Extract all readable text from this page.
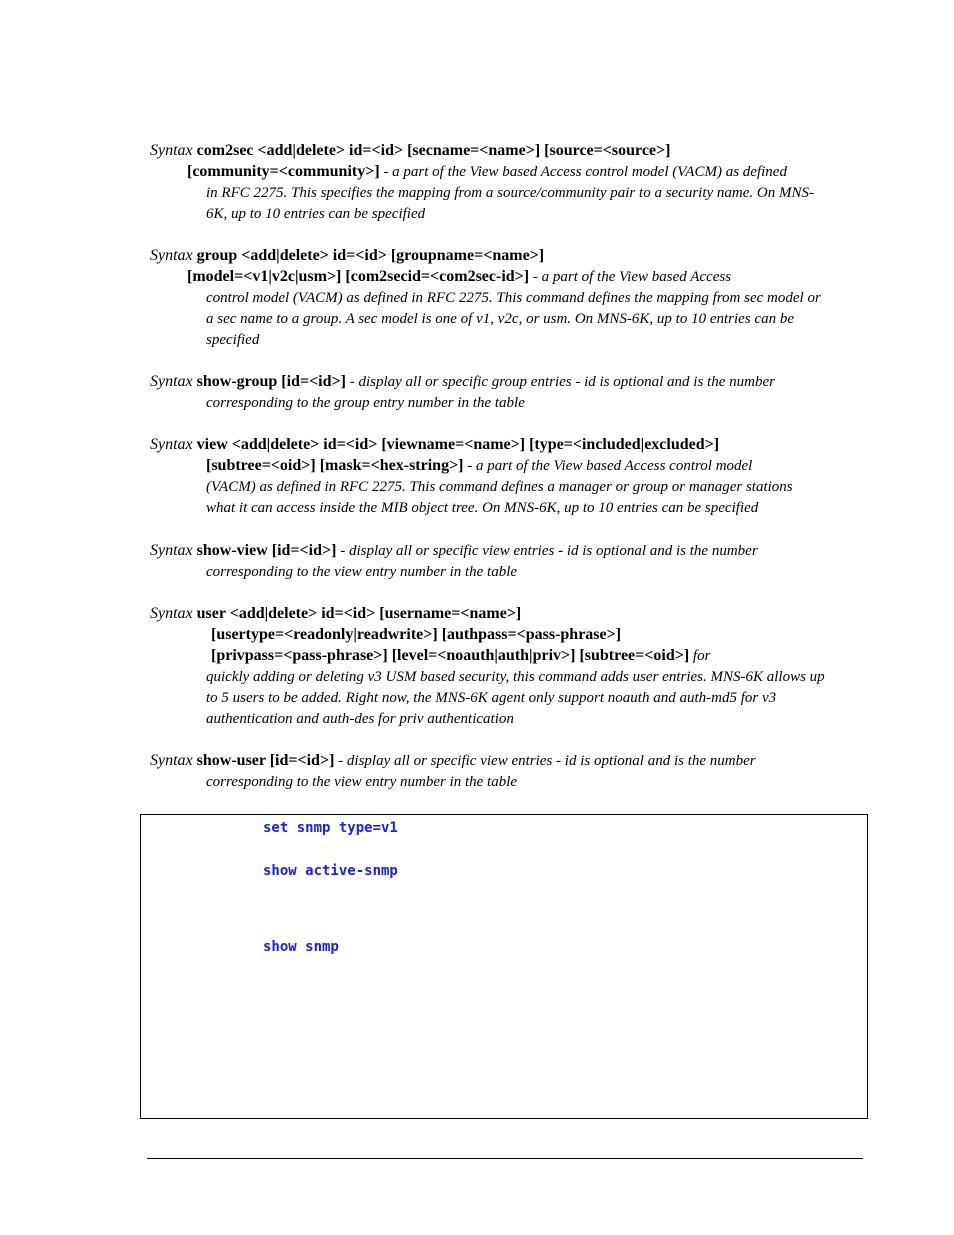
Syntax com2sec <add|delete> id=<id> [secname=<name>] [source=<source>]
[community=<community>] - a part of the View based Access control model (VACM) as defined
in RFC 2275. This specifies the mapping from a source/community pair to a security name. On MNS-
6K, up to 10 entries can be specified
Syntax group <add|delete> id=<id> [groupname=<name>]
[model=<v1|v2c|usm>] [com2secid=<com2sec-id>] - a part of the View based Access
control model (VACM) as defined in RFC 2275. This command defines the mapping from sec model or
a sec name to a group. A sec model is one of v1, v2c, or usm. On MNS-6K, up to 10 entries can be
specified
Syntax show-group [id=<id>] - display all or specific group entries - id is optional and is the number
corresponding to the group entry number in the table
Syntax view <add|delete> id=<id> [viewname=<name>] [type=<included|excluded>]
[subtree=<oid>] [mask=<hex-string>] - a part of the View based Access control model
(VACM) as defined in RFC 2275. This command defines a manager or group or manager stations
what it can access inside the MIB object tree. On MNS-6K, up to 10 entries can be specified
Syntax show-view [id=<id>] - display all or specific view entries - id is optional and is the number
corresponding to the view entry number in the table
Syntax user <add|delete> id=<id> [username=<name>]
[usertype=<readonly|readwrite>] [authpass=<pass-phrase>]
[privpass=<pass-phrase>] [level=<noauth|auth|priv>] [subtree=<oid>] for
quickly adding or deleting v3 USM based security, this command adds user entries. MNS-6K allows up
to 5 users to be added. Right now, the MNS-6K agent only support noauth and auth-md5 for v3
authentication and auth-des for priv authentication
Syntax show-user [id=<id>] - display all or specific view entries - id is optional and is the number
corresponding to the view entry number in the table
set snmp type=v1
show active-snmp
show snmp
